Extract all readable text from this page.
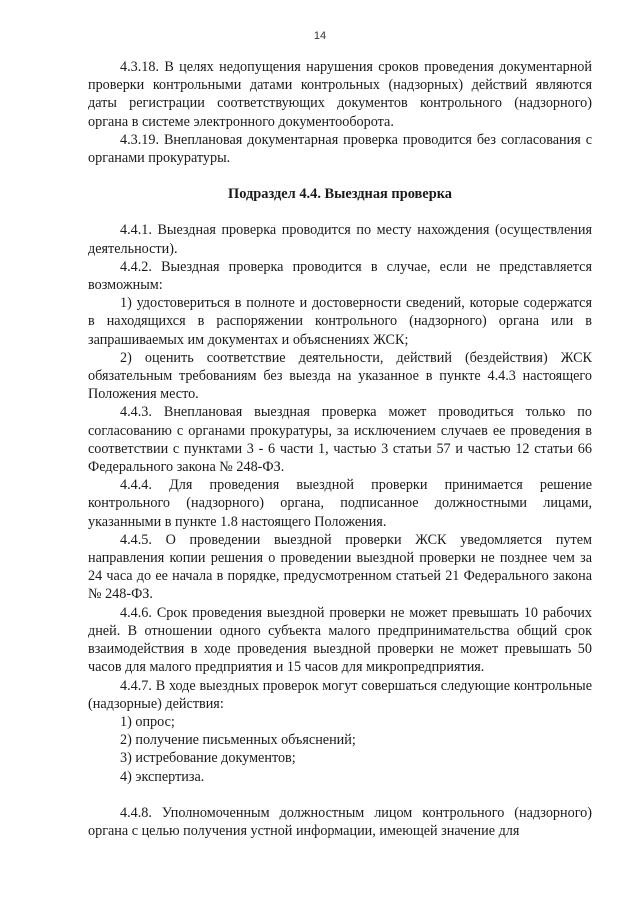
14

4.3.18. В целях недопущения нарушения сроков проведения документарной проверки контрольными датами контрольных (надзорных) действий являются даты регистрации соответствующих документов контрольного (надзорного) органа в системе электронного документооборота.

4.3.19. Внеплановая документарная проверка проводится без согласования с органами прокуратуры.

Подраздел 4.4. Выездная проверка

4.4.1. Выездная проверка проводится по месту нахождения (осуществления деятельности).

4.4.2. Выездная проверка проводится в случае, если не представляется возможным:

1) удостовериться в полноте и достоверности сведений, которые содержатся в находящихся в распоряжении контрольного (надзорного) органа или в запрашиваемых им документах и объяснениях ЖСК;

2) оценить соответствие деятельности, действий (бездействия) ЖСК обязательным требованиям без выезда на указанное в пункте 4.4.3 настоящего Положения место.

4.4.3. Внеплановая выездная проверка может проводиться только по согласованию с органами прокуратуры, за исключением случаев ее проведения в соответствии с пунктами 3 - 6 части 1, частью 3 статьи 57 и частью 12 статьи 66 Федерального закона № 248-ФЗ.

4.4.4. Для проведения выездной проверки принимается решение контрольного (надзорного) органа, подписанное должностными лицами, указанными в пункте 1.8 настоящего Положения.

4.4.5. О проведении выездной проверки ЖСК уведомляется путем направления копии решения о проведении выездной проверки не позднее чем за 24 часа до ее начала в порядке, предусмотренном статьей 21 Федерального закона № 248-ФЗ.

4.4.6. Срок проведения выездной проверки не может превышать 10 рабочих дней. В отношении одного субъекта малого предпринимательства общий срок взаимодействия в ходе проведения выездной проверки не может превышать 50 часов для малого предприятия и 15 часов для микропредприятия.

4.4.7. В ходе выездных проверок могут совершаться следующие контрольные (надзорные) действия:

1) опрос;

2) получение письменных объяснений;

3) истребование документов;

4) экспертиза.

4.4.8. Уполномоченным должностным лицом контрольного (надзорного) органа с целью получения устной информации, имеющей значение для
